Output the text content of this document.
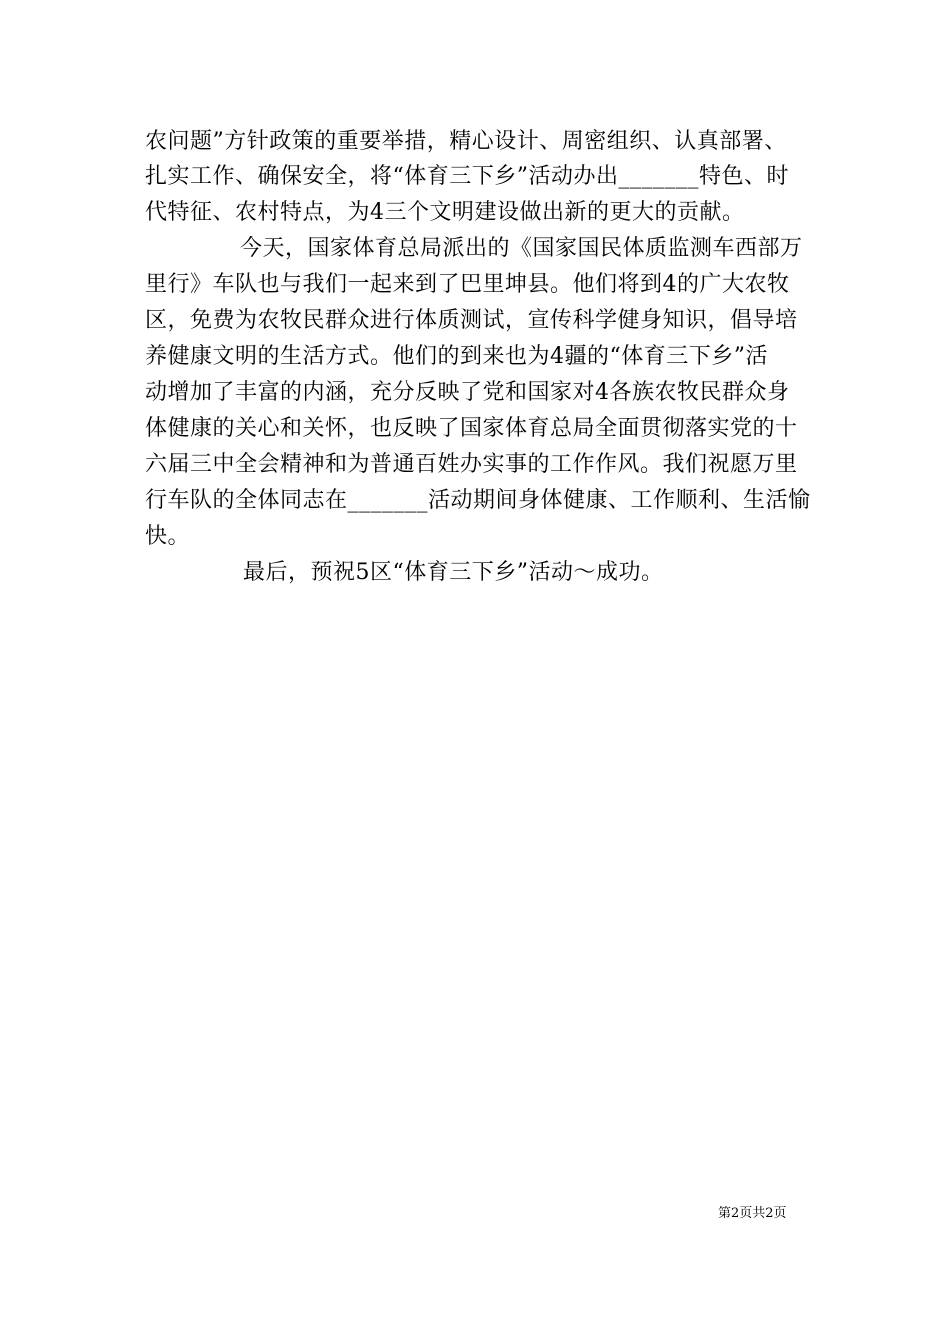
农问题”方针政策的重要举措，精心设计、周密组织、认真部署、
扎实工作、确保安全，将“体育三下乡”活动办出_______特色、时
代特征、农村特点，为4三个文明建设做出新的更大的贡献。
今天，国家体育总局派出的《国家国民体质监测车西部万
里行》车队也与我们一起来到了巴里坤县。他们将到4的广大农牧
区，免费为农牧民群众进行体质测试，宣传科学健身知识，倡导培
养健康文明的生活方式。他们的到来也为4疆的“体育三下乡”活
动增加了丰富的内涵，充分反映了党和国家对4各族农牧民群众身
体健康的关心和关怀，也反映了国家体育总局全面贯彻落实党的十
六届三中全会精神和为普通百姓办实事的工作作风。我们祝愿万里
行车队的全体同志在_______活动期间身体健康、工作顺利、生活愉
快。
最后，预祝5区“体育三下乡”活动～成功。
第2页共2页
